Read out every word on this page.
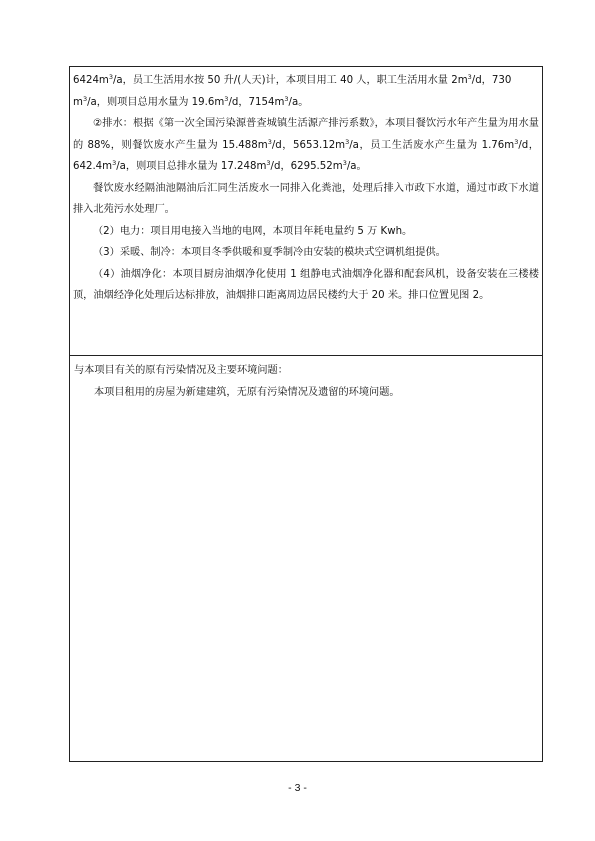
$6424m^3/a$，员工生活用水按 50 升/(人天)计，本项目用工 40 人，职工生活用水量 $2m^3/d$，730
$m^3/a$，则项目总用水量为 $19.6m^3/d$，$7154m^3/a$。

②排水：根据《第一次全国污染源普查城镇生活源产排污系数》，本项目餐饮污水年产生量为用水量的 88%，则餐饮废水产生量为 $15.488m^3/d$，$5653.12m^3/a$，员工生活废水产生量为 $1.76m^3/d$，$642.4m^3/a$，则项目总排水量为 $17.248m^3/d$，$6295.52m^3/a$。

餐饮废水经隔油池隔油后汇同生活废水一同排入化粪池，处理后排入市政下水道，通过市政下水道排入北苑污水处理厂。

（2）电力：项目用电接入当地的电网，本项目年耗电量约 5 万 Kwh。

（3）采暖、制冷：本项目冬季供暖和夏季制冷由安装的模块式空调机组提供。

（4）油烟净化：本项目厨房油烟净化使用 1 组静电式油烟净化器和配套风机，设备安装在三楼楼顶，油烟经净化处理后达标排放，油烟排口距离周边居民楼约大于 20 米。排口位置见图 2。

与本项目有关的原有污染情况及主要环境问题：

本项目租用的房屋为新建建筑，无原有污染情况及遗留的环境问题。

- 3 -
